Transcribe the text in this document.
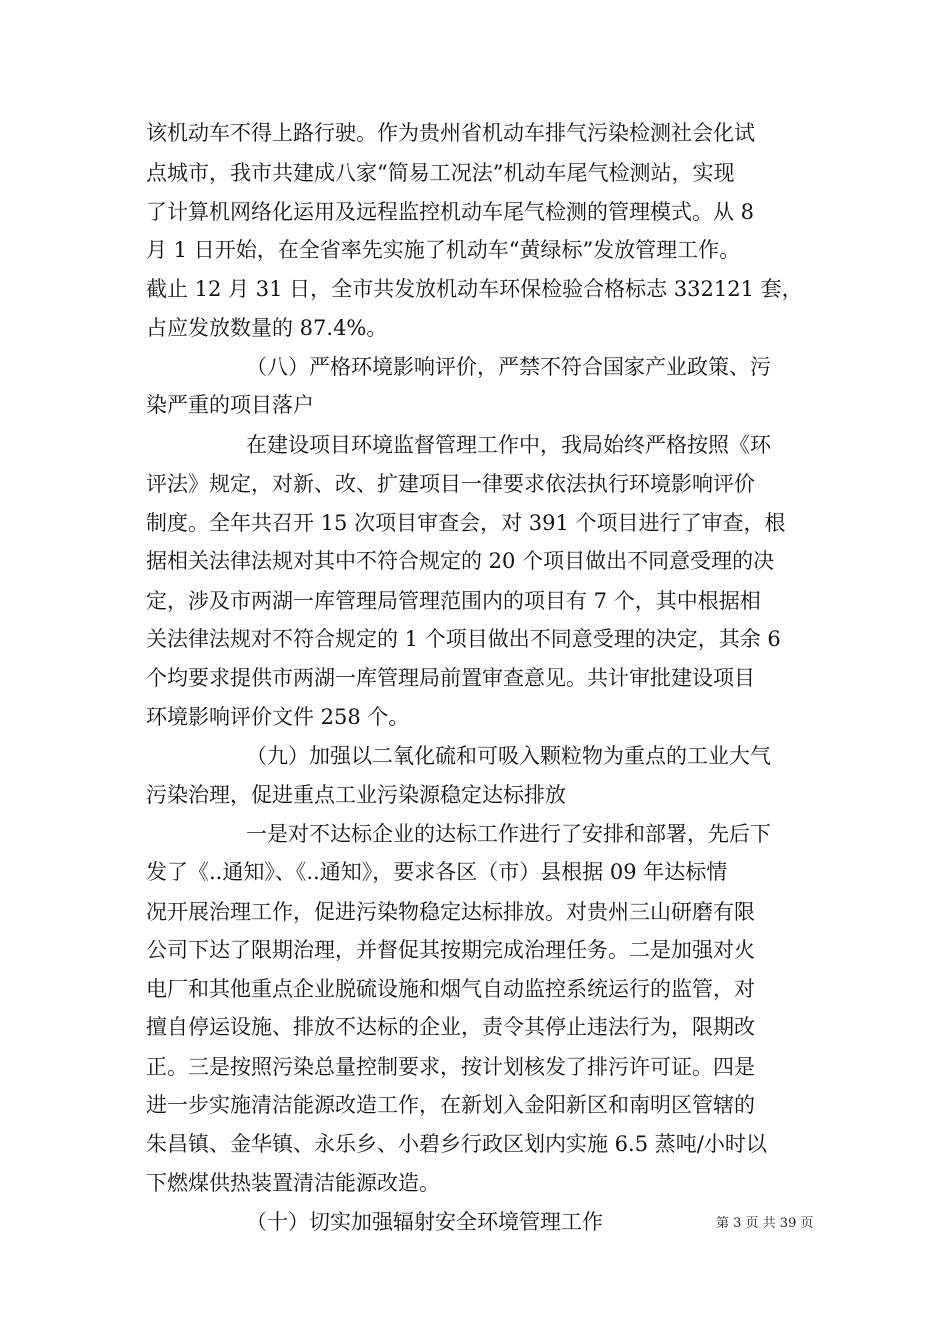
该机动车不得上路行驶。作为贵州省机动车排气污染检测社会化试
点城市，我市共建成八家“简易工况法”机动车尾气检测站，实现
了计算机网络化运用及远程监控机动车尾气检测的管理模式。从 8
月 1 日开始，在全省率先实施了机动车“黄绿标”发放管理工作。
截止 12 月 31 日，全市共发放机动车环保检验合格标志 332121 套，
占应发放数量的 87.4%。
（八）严格环境影响评价，严禁不符合国家产业政策、污
染严重的项目落户
在建设项目环境监督管理工作中，我局始终严格按照《环
评法》规定，对新、改、扩建项目一律要求依法执行环境影响评价
制度。全年共召开 15 次项目审查会，对 391 个项目进行了审查，根
据相关法律法规对其中不符合规定的 20 个项目做出不同意受理的决
定，涉及市两湖一库管理局管理范围内的项目有 7 个，其中根据相
关法律法规对不符合规定的 1 个项目做出不同意受理的决定，其余 6
个均要求提供市两湖一库管理局前置审查意见。共计审批建设项目
环境影响评价文件 258 个。
（九）加强以二氧化硫和可吸入颗粒物为重点的工业大气
污染治理，促进重点工业污染源稳定达标排放
一是对不达标企业的达标工作进行了安排和部署，先后下
发了《..通知》、《..通知》，要求各区（市）县根据 09 年达标情
况开展治理工作，促进污染物稳定达标排放。对贵州三山研磨有限
公司下达了限期治理，并督促其按期完成治理任务。二是加强对火
电厂和其他重点企业脱硫设施和烟气自动监控系统运行的监管，对
擅自停运设施、排放不达标的企业，责令其停止违法行为，限期改
正。三是按照污染总量控制要求，按计划核发了排污许可证。四是
进一步实施清洁能源改造工作，在新划入金阳新区和南明区管辖的
朱昌镇、金华镇、永乐乡、小碧乡行政区划内实施 6.5 蒸吨/小时以
下燃煤供热装置清洁能源改造。
（十）切实加强辐射安全环境管理工作	第 3 页 共 39 页
